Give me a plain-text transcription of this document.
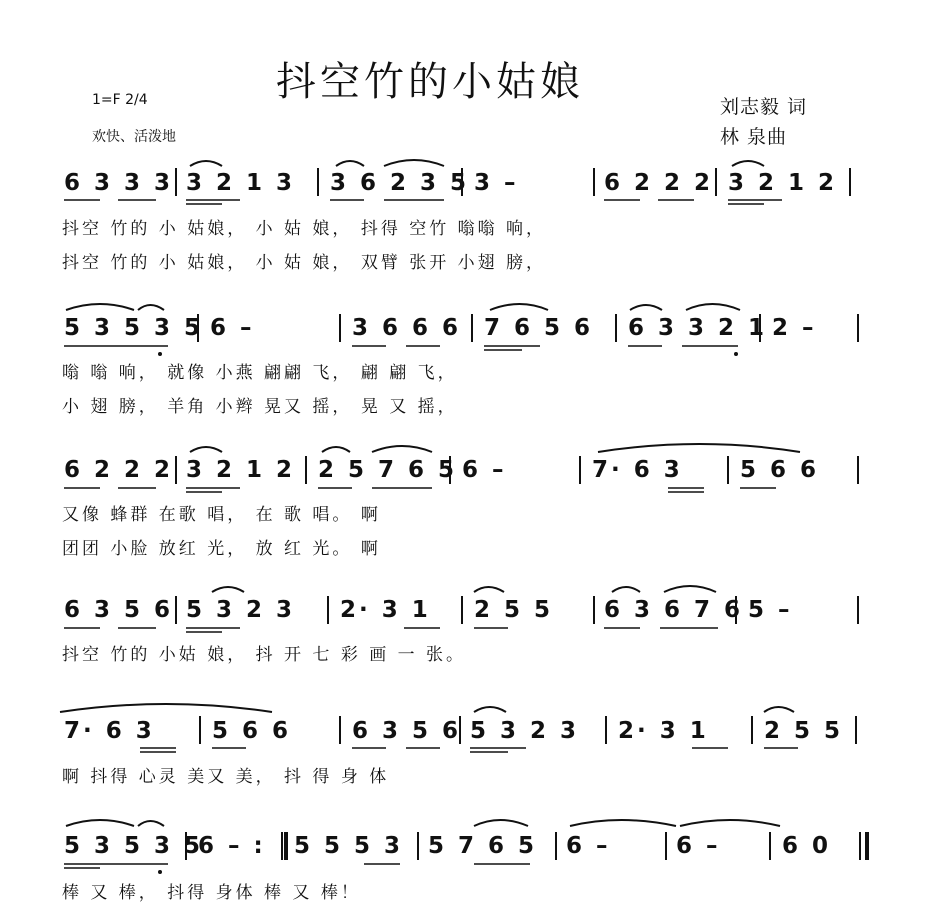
抖空竹的小姑娘
1=F 2/4
欢快、活泼地
刘志毅 词
林 泉曲
6 3 3 3 3 2 1 3 3 6 2 3 5 3 –	6 2 2 2 3 2 1 2
抖空 竹的 小 姑娘， 小 姑 娘， 抖得 空竹 嗡嗡 响，
抖空 竹的 小 姑娘， 小 姑 娘， 双臂 张开 小翅 膀，
5 3 5 3 5 6 –	3 6 6 6 7 6 5 6 6 3 3 2 1 2 –
嗡 嗡 响， 就像 小燕 翩翩 飞， 翩 翩 飞，
小 翅 膀， 羊角 小辫 晃又 摇， 晃 又 摇，
6 2 2 2 3 2 1 2 2 5 7 6 5 6 –	7· 6 3 5 6 6
又像 蜂群 在歌 唱， 在 歌 唱。 啊
团团 小脸 放红 光， 放 红 光。 啊
6 3 5 6 5 3 2 3 2· 3 1 2 5 5 6 3 6 7 6 5 –
抖空 竹的 小姑 娘， 抖 开 七 彩 画 一 张。
7· 6 3 5 6 6	6 3 5 6 5 3 2 3 2· 3 1 2 5 5
啊 抖得 心灵 美又 美， 抖 得 身 体
5 3 5 3 5
6 – : 5 5 5 3 5 7 6 5 6 –	6 –	6 0
棒 又 棒， 抖得 身体 棒 又 棒！
